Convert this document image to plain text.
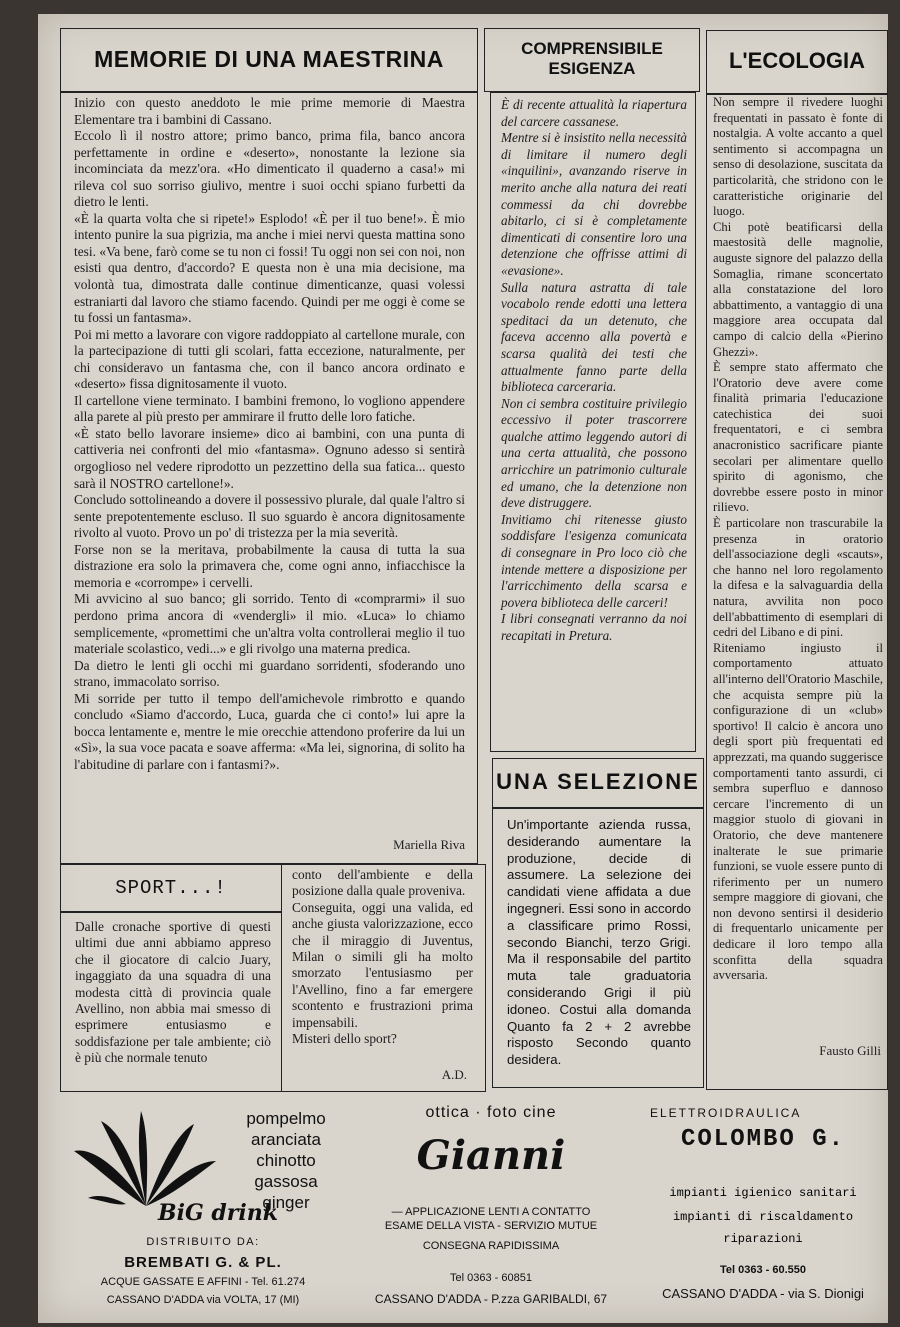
MEMORIE DI UNA MAESTRINA

Inizio con questo aneddoto le mie prime memorie di Maestra Elementare tra i bambini di Cassano.

Eccolo lì il nostro attore; primo banco, prima fila, banco ancora perfettamente in ordine e «deserto», nonostante la lezione sia incominciata da mezz'ora. «Ho dimenticato il quaderno a casa!» mi rileva col suo sorriso giulivo, mentre i suoi occhi spiano furbetti da dietro le lenti.

«È la quarta volta che si ripete!» Esplodo! «È per il tuo bene!». È mio intento punire la sua pigrizia, ma anche i miei nervi questa mattina sono tesi. «Va bene, farò come se tu non ci fossi! Tu oggi non sei con noi, non esisti qua dentro, d'accordo? E questa non è una mia decisione, ma volontà tua, dimostrata dalle continue dimenticanze, quasi volessi estraniarti dal lavoro che stiamo facendo. Quindi per me oggi è come se tu fossi un fantasma».

Poi mi metto a lavorare con vigore raddoppiato al cartellone murale, con la partecipazione di tutti gli scolari, fatta eccezione, naturalmente, per chi consideravo un fantasma che, con il banco ancora ordinato e «deserto» fissa dignitosamente il vuoto.

Il cartellone viene terminato. I bambini fremono, lo vogliono appendere alla parete al più presto per ammirare il frutto delle loro fatiche.

«È stato bello lavorare insieme» dico ai bambini, con una punta di cattiveria nei confronti del mio «fantasma». Ognuno adesso si sentirà orgoglioso nel vedere riprodotto un pezzettino della sua fatica... questo sarà il NOSTRO cartellone!».

Concludo sottolineando a dovere il possessivo plurale, dal quale l'altro si sente prepotentemente escluso. Il suo sguardo è ancora dignitosamente rivolto al vuoto. Provo un po' di tristezza per la mia severità.

Forse non se la meritava, probabilmente la causa di tutta la sua distrazione era solo la primavera che, come ogni anno, infiacchisce la memoria e «corrompe» i cervelli.

Mi avvicino al suo banco; gli sorrido. Tento di «comprarmi» il suo perdono prima ancora di «vendergli» il mio. «Luca» lo chiamo semplicemente, «promettimi che un'altra volta controllerai meglio il tuo materiale scolastico, vedi...» e gli rivolgo una materna predica.

Da dietro le lenti gli occhi mi guardano sorridenti, sfoderando uno strano, immacolato sorriso.

Mi sorride per tutto il tempo dell'amichevole rimbrotto e quando concludo «Siamo d'accordo, Luca, guarda che ci conto!» lui apre la bocca lentamente e, mentre le mie orecchie attendono proferire da lui un «Sì», la sua voce pacata e soave afferma: «Ma lei, signorina, di solito ha l'abitudine di parlare con i fantasmi?».

Mariella Riva
COMPRENSIBILE
ESIGENZA

È di recente attualità la riapertura del carcere cassanese.

Mentre si è insistito nella necessità di limitare il numero degli «inquilini», avanzando riserve in merito anche alla natura dei reati commessi da chi dovrebbe abitarlo, ci si è completamente dimenticati di consentire loro una detenzione che offrisse attimi di «evasione».

Sulla natura astratta di tale vocabolo rende edotti una lettera speditaci da un detenuto, che faceva accenno alla povertà e scarsa qualità dei testi che attualmente fanno parte della biblioteca carceraria.

Non ci sembra costituire privilegio eccessivo il poter trascorrere qualche attimo leggendo autori di una certa attualità, che possono arricchire un patrimonio culturale ed umano, che la detenzione non deve distruggere.

Invitiamo chi ritenesse giusto soddisfare l'esigenza comunicata di consegnare in Pro loco ciò che intende mettere a disposizione per l'arricchimento della scarsa e povera biblioteca delle carceri!

I libri consegnati verranno da noi recapitati in Pretura.

UNA SELEZIONE
Un'importante azienda russa, desiderando aumentare la produzione, decide di assumere. La selezione dei candidati viene affidata a due ingegneri. Essi sono in accordo a classificare primo Rossi, secondo Bianchi, terzo Grigi. Ma il responsabile del partito muta tale graduatoria considerando Grigi il più idoneo. Costui alla domanda Quanto fa 2 + 2 avrebbe risposto Secondo quanto desidera.
L'ECOLOGIA

Non sempre il rivedere luoghi frequentati in passato è fonte di nostalgia. A volte accanto a quel sentimento si accompagna un senso di desolazione, suscitata da particolarità, che stridono con le caratteristiche originarie del luogo.

Chi potè beatificarsi della maestosità delle magnolie, auguste signore del palazzo della Somaglia, rimane sconcertato alla constatazione del loro abbattimento, a vantaggio di una maggiore area occupata dal campo di calcio della «Pierino Ghezzi».

È sempre stato affermato che l'Oratorio deve avere come finalità primaria l'educazione catechistica dei suoi frequentatori, e ci sembra anacronistico sacrificare piante secolari per alimentare quello spirito di agonismo, che dovrebbe essere posto in minor rilievo.

È particolare non trascurabile la presenza in oratorio dell'associazione degli «scauts», che hanno nel loro regolamento la difesa e la salvaguardia della natura, avvilita non poco dell'abbattimento di esemplari di cedri del Libano e di pini.

Riteniamo ingiusto il comportamento attuato all'interno dell'Oratorio Maschile, che acquista sempre più la configurazione di un «club» sportivo! Il calcio è ancora uno degli sport più frequentati ed apprezzati, ma quando suggerisce comportamenti tanto assurdi, ci sembra superfluo e dannoso cercare l'incremento di un maggior stuolo di giovani in Oratorio, che deve mantenere inalterate le sue primarie funzioni, se vuole essere punto di riferimento per un numero sempre maggiore di giovani, che non devono sentirsi il desiderio di frequentarlo unicamente per dedicare il loro tempo alla sconfitta della squadra avversaria.

Fausto Gilli
SPORT...!
Dalle cronache sportive di questi ultimi due anni abbiamo appreso che il giocatore di calcio Juary, ingaggiato da una squadra di una modesta città di provincia quale Avellino, non abbia mai smesso di esprimere entusiasmo e soddisfazione per tale ambiente; ciò è più che normale tenuto

conto dell'ambiente e della posizione dalla quale proveniva.

Conseguita, oggi una valida, ed anche giusta valorizzazione, ecco che il miraggio di Juventus, Milan o simili gli ha molto smorzato l'entusiasmo per l'Avellino, fino a far emergere scontento e frustrazioni prima impensabili.

Misteri dello sport?

A.D.
pompelmo
aranciata
chinotto
gassosa
ginger
BiG drink
DISTRIBUITO DA:
BREMBATI G. & PL.
ACQUE GASSATE E AFFINI - Tel. 61.274
CASSANO D'ADDA via VOLTA, 17 (MI)
ottica · foto cine
Gianni
— APPLICAZIONE LENTI A CONTATTO
ESAME DELLA VISTA - SERVIZIO MUTUE
CONSEGNA RAPIDISSIMA
Tel 0363 - 60851
CASSANO D'ADDA - P.zza GARIBALDI, 67
ELETTROIDRAULICA
COLOMBO G.
impianti igienico sanitari
impianti di riscaldamento
riparazioni
Tel 0363 - 60.550
CASSANO D'ADDA - via S. Dionigi
